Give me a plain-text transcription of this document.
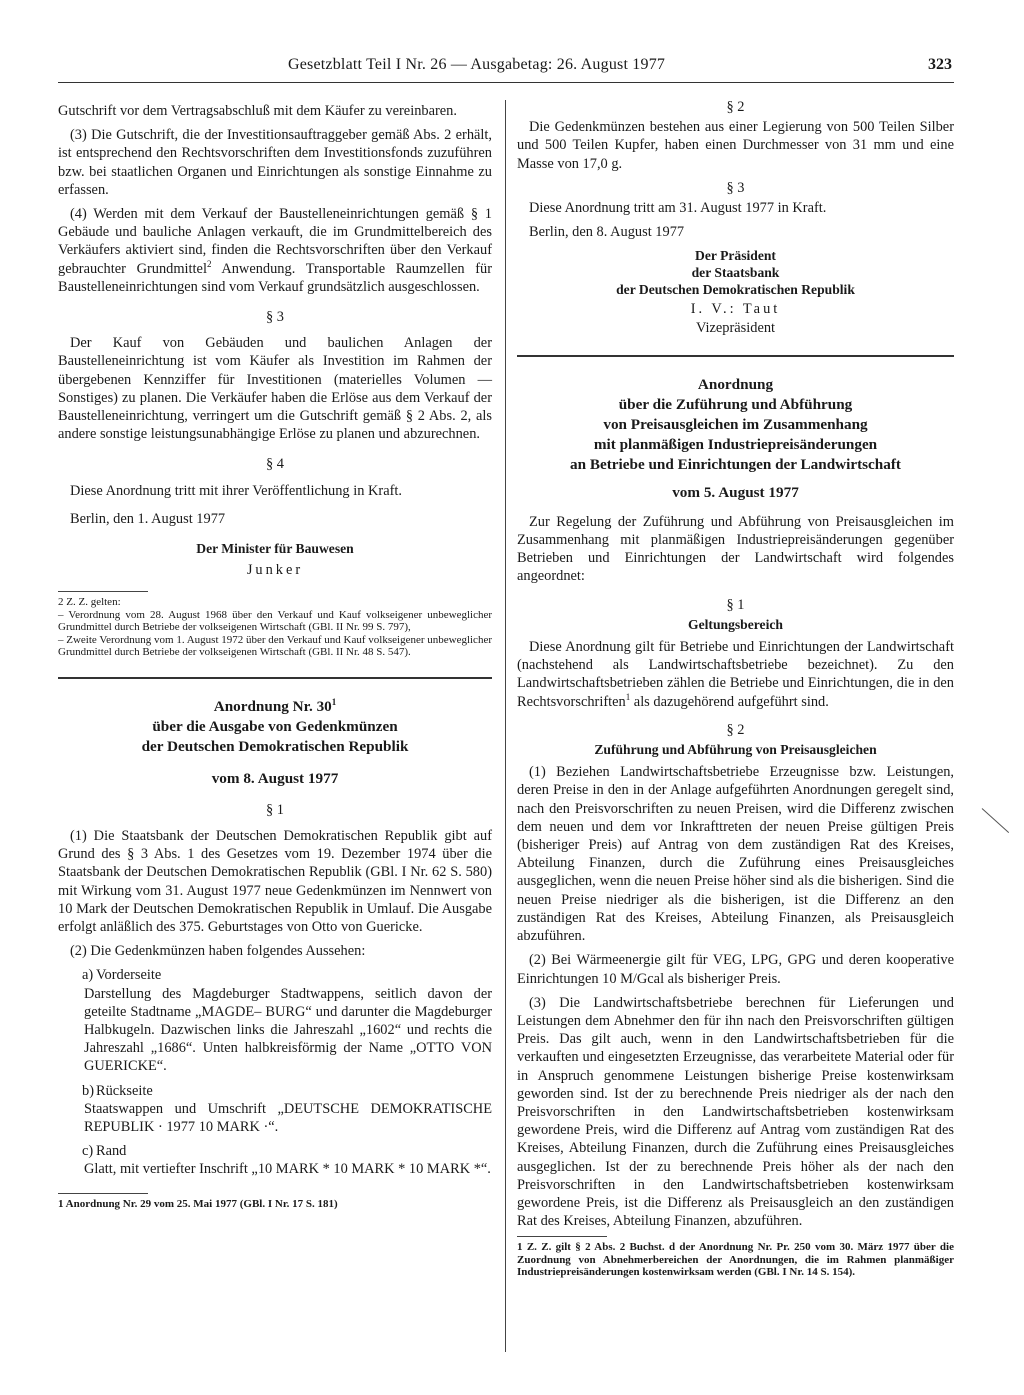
Gesetzblatt Teil I Nr. 26 — Ausgabetag: 26. August 1977	323

Gutschrift vor dem Vertragsabschluß mit dem Käufer zu vereinbaren.

(3) Die Gutschrift, die der Investitionsauftraggeber gemäß Abs. 2 erhält, ist entsprechend den Rechtsvorschriften dem Investitionsfonds zuzuführen bzw. bei staatlichen Organen und Einrichtungen als sonstige Einnahme zu erfassen.

(4) Werden mit dem Verkauf der Baustelleneinrichtungen gemäß § 1 Gebäude und bauliche Anlagen verkauft, die im Grundmittelbereich des Verkäufers aktiviert sind, finden die Rechtsvorschriften über den Verkauf gebrauchter Grundmittel$^2$ Anwendung. Transportable Raumzellen für Baustelleneinrichtungen sind vom Verkauf grundsätzlich ausgeschlossen.

§ 3

Der Kauf von Gebäuden und baulichen Anlagen der Baustelleneinrichtung ist vom Käufer als Investition im Rahmen der übergebenen Kennziffer für Investitionen (materielles Volumen — Sonstiges) zu planen. Die Verkäufer haben die Erlöse aus dem Verkauf der Baustelleneinrichtung, verringert um die Gutschrift gemäß § 2 Abs. 2, als andere sonstige leistungsunabhängige Erlöse zu planen und abzurechnen.

§ 4

Diese Anordnung tritt mit ihrer Veröffentlichung in Kraft.

Berlin, den 1. August 1977

Der Minister für Bauwesen
Junker

2 Z. Z. gelten:

– Verordnung vom 28. August 1968 über den Verkauf und Kauf volkseigener unbeweglicher Grundmittel durch Betriebe der volkseigenen Wirtschaft (GBl. II Nr. 99 S. 797),

– Zweite Verordnung vom 1. August 1972 über den Verkauf und Kauf volkseigener unbeweglicher Grundmittel durch Betriebe der volkseigenen Wirtschaft (GBl. II Nr. 48 S. 547).

Anordnung Nr. $30^1$

über die Ausgabe von Gedenkmünzen

der Deutschen Demokratischen Republik

vom 8. August 1977

§ 1

(1) Die Staatsbank der Deutschen Demokratischen Republik gibt auf Grund des § 3 Abs. 1 des Gesetzes vom 19. Dezember 1974 über die Staatsbank der Deutschen Demokratischen Republik (GBl. I Nr. 62 S. 580) mit Wirkung vom 31. August 1977 neue Gedenkmünzen im Nennwert von 10 Mark der Deutschen Demokratischen Republik in Umlauf. Die Ausgabe erfolgt anläßlich des 375. Geburtstages von Otto von Guericke.

(2) Die Gedenkmünzen haben folgendes Aussehen:

a) Vorderseite

Darstellung des Magdeburger Stadtwappens, seitlich davon der geteilte Stadtname „MAGDE– BURG“ und darunter die Magdeburger Halbkugeln. Dazwischen links die Jahreszahl „1602“ und rechts die Jahreszahl „1686“. Unten halbkreisförmig der Name „OTTO VON GUERICKE“.

b) Rückseite

Staatswappen und Umschrift „DEUTSCHE DEMOKRATISCHE REPUBLIK · 1977 10 MARK ·“.

c) Rand

Glatt, mit vertiefter Inschrift „10 MARK * 10 MARK * 10 MARK *“.

1 Anordnung Nr. 29 vom 25. Mai 1977 (GBl. I Nr. 17 S. 181)

§ 2

Die Gedenkmünzen bestehen aus einer Legierung von 500 Teilen Silber und 500 Teilen Kupfer, haben einen Durchmesser von 31 mm und eine Masse von 17,0 g.

§ 3

Diese Anordnung tritt am 31. August 1977 in Kraft.

Berlin, den 8. August 1977

Der Präsident
der Staatsbank
der Deutschen Demokratischen Republik
I. V.: Taut
Vizepräsident

Anordnung

über die Zuführung und Abführung

von Preisausgleichen im Zusammenhang

mit planmäßigen Industriepreisänderungen

an Betriebe und Einrichtungen der Landwirtschaft

vom 5. August 1977

Zur Regelung der Zuführung und Abführung von Preisausgleichen im Zusammenhang mit planmäßigen Industriepreisänderungen gegenüber Betrieben und Einrichtungen der Landwirtschaft wird folgendes angeordnet:

§ 1
Geltungsbereich

Diese Anordnung gilt für Betriebe und Einrichtungen der Landwirtschaft (nachstehend als Landwirtschaftsbetriebe bezeichnet). Zu den Landwirtschaftsbetrieben zählen die Betriebe und Einrichtungen, die in den Rechtsvorschriften$^1$ als dazugehörend aufgeführt sind.

§ 2
Zuführung und Abführung von Preisausgleichen

(1) Beziehen Landwirtschaftsbetriebe Erzeugnisse bzw. Leistungen, deren Preise in den in der Anlage aufgeführten Anordnungen geregelt sind, nach den Preisvorschriften zu neuen Preisen, wird die Differenz zwischen dem neuen und dem vor Inkrafttreten der neuen Preise gültigen Preis (bisheriger Preis) auf Antrag von dem zuständigen Rat des Kreises, Abteilung Finanzen, durch die Zuführung eines Preisausgleiches ausgeglichen, wenn die neuen Preise höher sind als die bisherigen. Sind die neuen Preise niedriger als die bisherigen, ist die Differenz an den zuständigen Rat des Kreises, Abteilung Finanzen, als Preisausgleich abzuführen.

(2) Bei Wärmeenergie gilt für VEG, LPG, GPG und deren kooperative Einrichtungen 10 M/Gcal als bisheriger Preis.

(3) Die Landwirtschaftsbetriebe berechnen für Lieferungen und Leistungen dem Abnehmer den für ihn nach den Preisvorschriften gültigen Preis. Das gilt auch, wenn in den Landwirtschaftsbetrieben für die verkauften und eingesetzten Erzeugnisse, das verarbeitete Material oder für in Anspruch genommene Leistungen bisherige Preise kostenwirksam geworden sind. Ist der zu berechnende Preis niedriger als der nach den Preisvorschriften in den Landwirtschaftsbetrieben kostenwirksam gewordene Preis, wird die Differenz auf Antrag vom zuständigen Rat des Kreises, Abteilung Finanzen, durch die Zuführung eines Preisausgleiches ausgeglichen. Ist der zu berechnende Preis höher als der nach den Preisvorschriften in den Landwirtschaftsbetrieben kostenwirksam gewordene Preis, ist die Differenz als Preisausgleich an den zuständigen Rat des Kreises, Abteilung Finanzen, abzuführen.

1 Z. Z. gilt § 2 Abs. 2 Buchst. d der Anordnung Nr. Pr. 250 vom 30. März 1977 über die Zuordnung von Abnehmerbereichen der Anordnungen, die im Rahmen planmäßiger Industriepreisänderungen kostenwirksam werden (GBl. I Nr. 14 S. 154).
